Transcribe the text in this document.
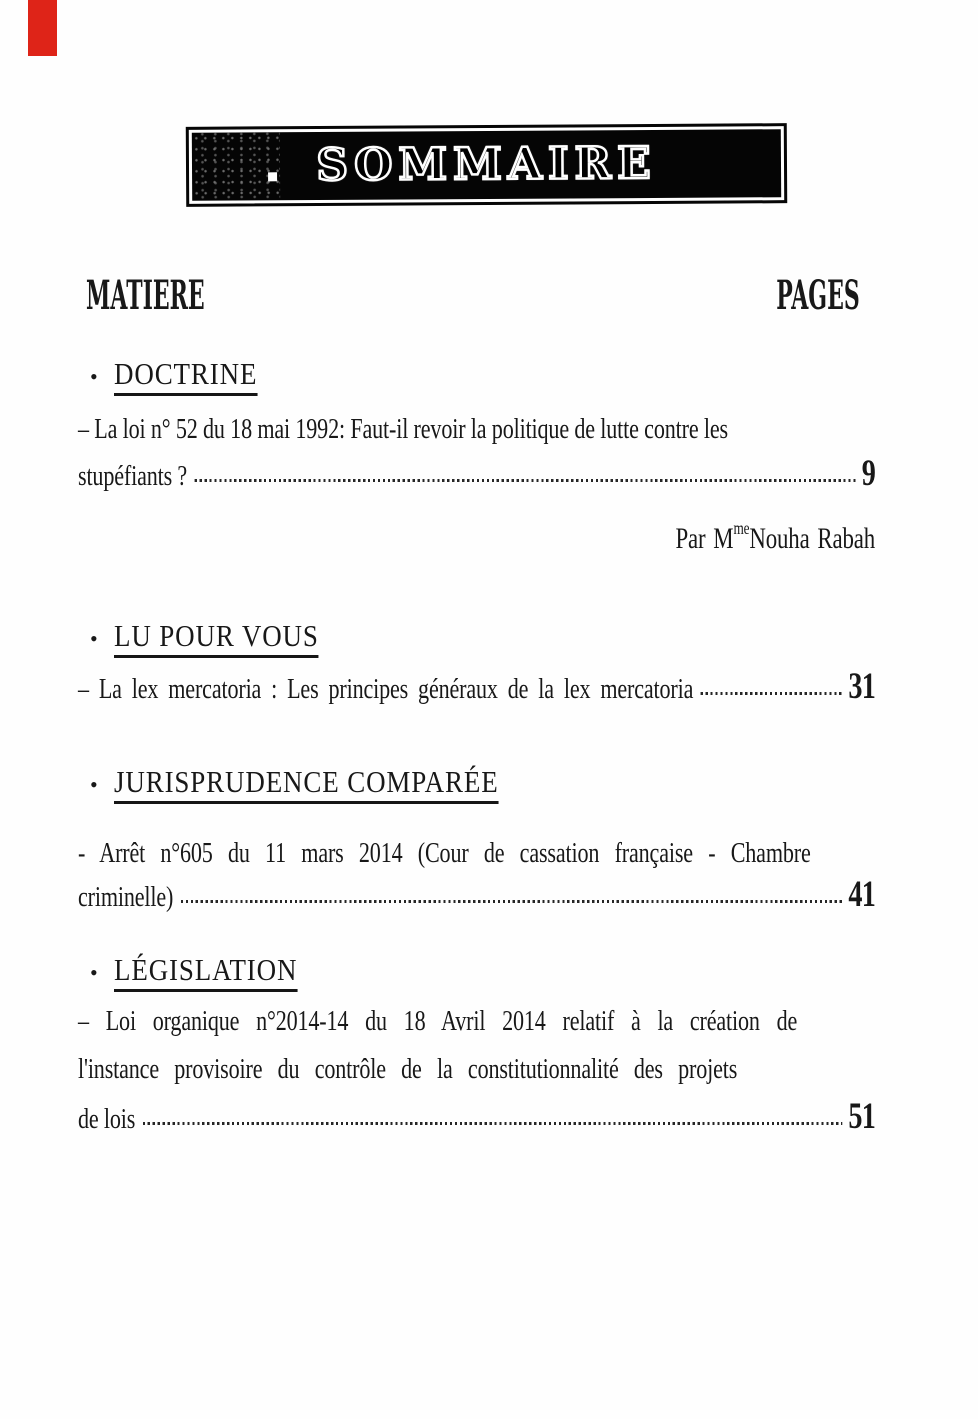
SOMMAIRE
MATIERE	PAGES
• DOCTRINE
– La loi n° 52 du 18 mai 1992: Faut-il revoir la politique de lutte contre les
stupéfiants ?	9
Par M me Nouha Rabah
• LU POUR VOUS
– La lex mercatoria : Les principes généraux de la lex mercatoria	31
• JURISPRUDENCE COMPARÉE
- Arrêt n°605 du 11 mars 2014 (Cour de cassation française - Chambre
criminelle)	41
• LÉGISLATION
– Loi organique n°2014-14 du 18 Avril 2014 relatif à la création de
l'instance provisoire du contrôle de la constitutionnalité des projets
de lois	51
